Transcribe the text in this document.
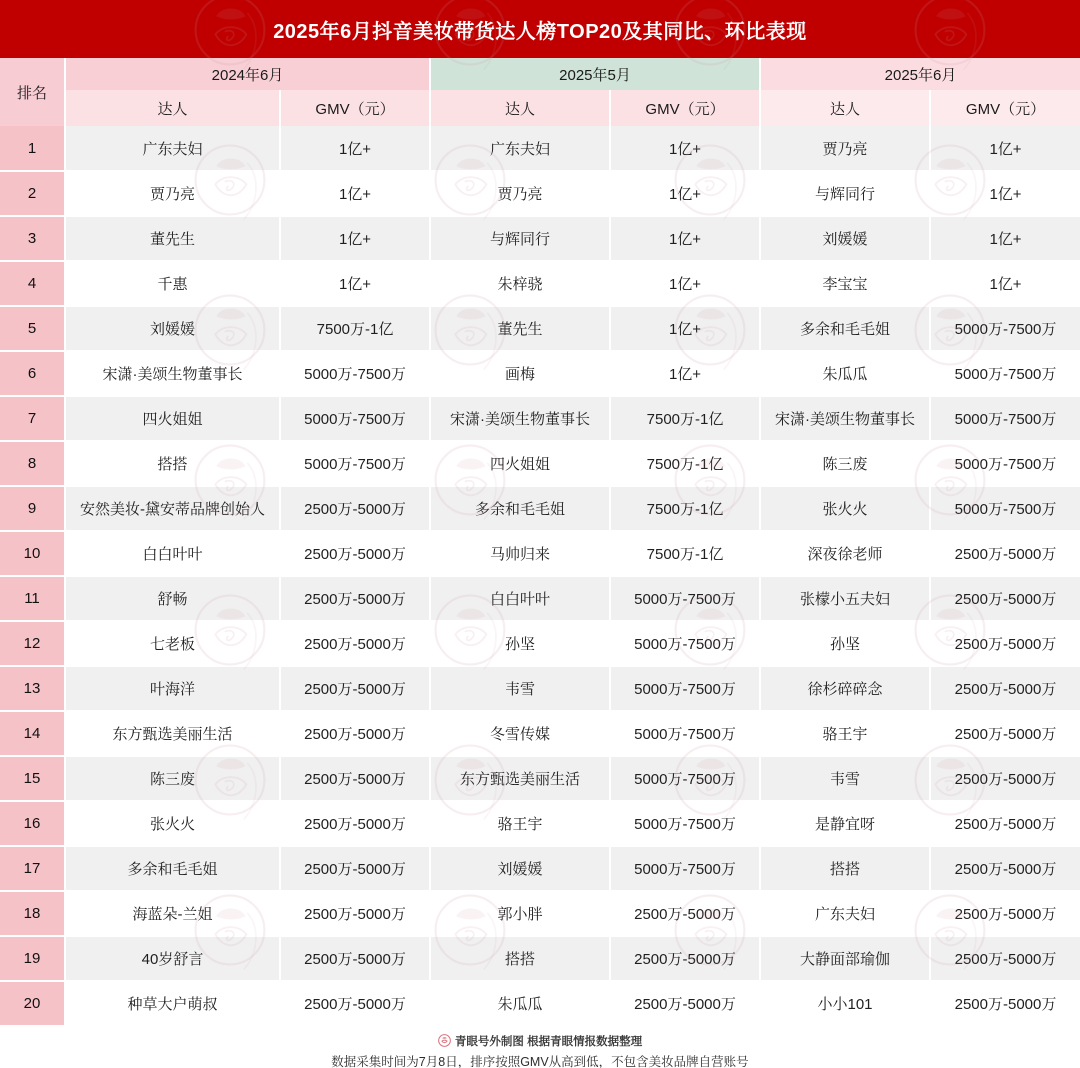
2025年6月抖音美妆带货达人榜TOP20及其同比、环比表现
排名	2024年6月		2025年5月		2025年6月	
	达人	GMV（元）	达人	GMV（元）	达人	GMV（元）
1	广东夫妇	1亿+	广东夫妇	1亿+	贾乃亮	1亿+
2	贾乃亮	1亿+	贾乃亮	1亿+	与辉同行	1亿+
3	董先生	1亿+	与辉同行	1亿+	刘媛媛	1亿+
4	千惠	1亿+	朱梓骁	1亿+	李宝宝	1亿+
5	刘媛媛	7500万-1亿	董先生	1亿+	多余和毛毛姐	5000万-7500万
6	宋潇·美颂生物董事长	5000万-7500万	画梅	1亿+	朱瓜瓜	5000万-7500万
7	四火姐姐	5000万-7500万	宋潇·美颂生物董事长	7500万-1亿	宋潇·美颂生物董事长	5000万-7500万
8	搭搭	5000万-7500万	四火姐姐	7500万-1亿	陈三废	5000万-7500万
9	安然美妆-黛安蒂品牌创始人	2500万-5000万	多余和毛毛姐	7500万-1亿	张火火	5000万-7500万
10	白白叶叶	2500万-5000万	马帅归来	7500万-1亿	深夜徐老师	2500万-5000万
11	舒畅	2500万-5000万	白白叶叶	5000万-7500万	张檬小五夫妇	2500万-5000万
12	七老板	2500万-5000万	孙坚	5000万-7500万	孙坚	2500万-5000万
13	叶海洋	2500万-5000万	韦雪	5000万-7500万	徐杉碎碎念	2500万-5000万
14	东方甄选美丽生活	2500万-5000万	冬雪传媒	5000万-7500万	骆王宇	2500万-5000万
15	陈三废	2500万-5000万	东方甄选美丽生活	5000万-7500万	韦雪	2500万-5000万
16	张火火	2500万-5000万	骆王宇	5000万-7500万	是静宜呀	2500万-5000万
17	多余和毛毛姐	2500万-5000万	刘媛媛	5000万-7500万	搭搭	2500万-5000万
18	海蓝朵-兰姐	2500万-5000万	郭小胖	2500万-5000万	广东夫妇	2500万-5000万
19	40岁舒言	2500万-5000万	搭搭	2500万-5000万	大静面部瑜伽	2500万-5000万
20	种草大户萌叔	2500万-5000万	朱瓜瓜	2500万-5000万	小小101	2500万-5000万
青眼号外制图 根据青眼情报数据整理
数据采集时间为7月8日，排序按照GMV从高到低，不包含美妆品牌自营账号
